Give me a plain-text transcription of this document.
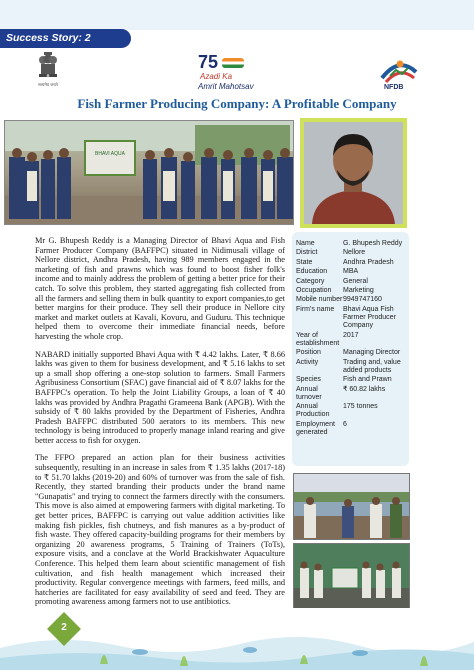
Success Story: 2
सत्यमेव जयते
75
Azadi Ka
Amrit Mahotsav	NFDB
Fish Farmer Producing Company: A Profitable Company
BHAVI AQUA

Mr G. Bhupesh Reddy is a Managing Director of Bhavi Aqua and Fish Farmer Producer Company (BAFFPC) situated in Nidimusali village of Nellore district, Andhra Pradesh, having 989 members engaged in the marketing of fish and prawns which was found to boost fisher folk's income and to mainly address the problem of getting a better price for their catch. To solve this problem, they started aggregating fish collected from all the farmers and selling them in bulk quantity to export companies,to get better margins for their produce. They sell their produce in Nellore city market and market outlets at Kavali, Kovuru, and Guduru. This technique helped them to overcome their immediate financial needs, before harvesting the whole crop.

NABARD initially supported Bhavi Aqua with ₹ 4.42 lakhs. Later, ₹ 8.66 lakhs was given to them for business development, and ₹ 5.16 lakhs to set up a small shop offering a one-stop solution to farmers. Small Farmers Agribusiness Consortium (SFAC) gave financial aid of ₹ 8.07 lakhs for the BAFFPC's operation. To help the Joint Liability Groups, a loan of ₹ 40 lakhs was provided by Andhra Pragathi Grameena Bank (APGB). With the subsidy of ₹ 80 lakhs provided by the Department of Fisheries, Andhra Pradesh BAFFPC distributed 500 aerators to its members. This new technology is being introduced to properly manage inland rearing and give better access to fish for oxygen.

The FFPO prepared an action plan for their business activities subsequently, resulting in an increase in sales from ₹ 1.35 lakhs (2017-18) to ₹ 51.70 lakhs (2019-20) and 60% of turnover was from the sale of fish. Recently, they started branding their products under the brand name "Gunapatis" and trying to connect the farmers directly with the consumers. This move is also aimed at empowering farmers with digital marketing. To get better prices, BAFFPC is carrying out value addition activities like making fish pickles, fish chutneys, and fish manures as a by-product of fish waste. They offered capacity-building programs for their members by organizing 20 awareness programs, 5 Training of Trainers (ToTs), exposure visits, and a conclave at the World Brackishwater Aquaculture Conference. This helped them learn about scientific management of fish cultivation, and fish health management which increased their productivity. Regular convergence meetings with farmers, feed mills, and hatcheries are facilitated for easy availability of seed and feed. They are promoting awareness among farmers not to use antibiotics.

Name	G. Bhupesh Reddy
District	Nellore
State	Andhra Pradesh
Education	MBA
Category	General
Occupation	Marketing
Mobile number	9949747160
Firm's name	Bhavi Aqua Fish Farmer Producer Company
Year of establishment	2017
Position	Managing Director
Activity	Trading and, value added products
Species	Fish and Prawn
Annual turnover	₹ 60.82 lakhs
Annual Production	175 tonnes
Employment generated	6
2
